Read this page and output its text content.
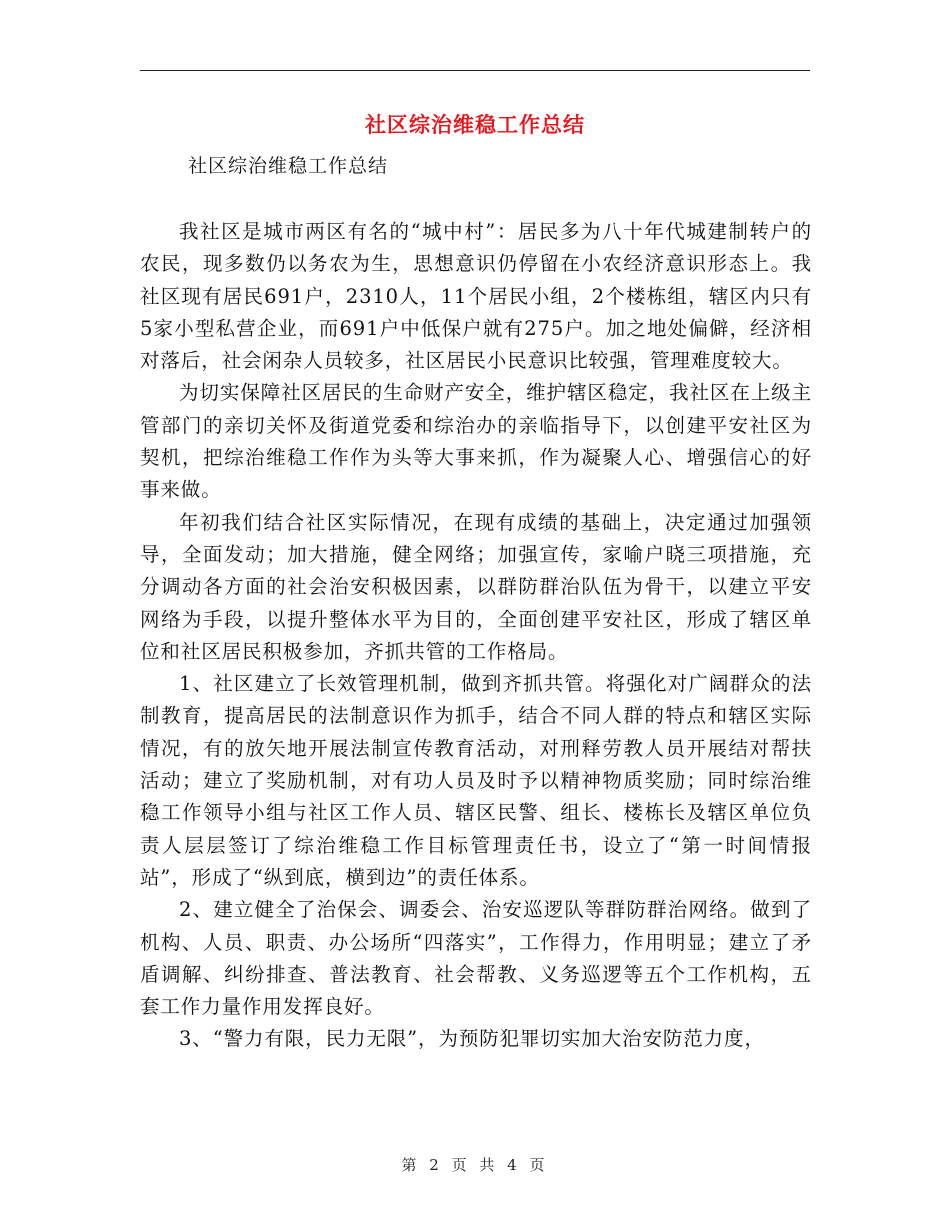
社区综治维稳工作总结
社区综治维稳工作总结

我社区是城市两区有名的“城中村”：居民多为八十年代城建制转户的农民，现多数仍以务农为生，思想意识仍停留在小农经济意识形态上。我社区现有居民691户，2310人，11个居民小组，2个楼栋组，辖区内只有5家小型私营企业，而691户中低保户就有275户。加之地处偏僻，经济相对落后，社会闲杂人员较多，社区居民小民意识比较强，管理难度较大。

为切实保障社区居民的生命财产安全，维护辖区稳定，我社区在上级主管部门的亲切关怀及街道党委和综治办的亲临指导下，以创建平安社区为契机，把综治维稳工作作为头等大事来抓，作为凝聚人心、增强信心的好事来做。

年初我们结合社区实际情况，在现有成绩的基础上，决定通过加强领导，全面发动；加大措施，健全网络；加强宣传，家喻户晓三项措施，充分调动各方面的社会治安积极因素，以群防群治队伍为骨干，以建立平安网络为手段，以提升整体水平为目的，全面创建平安社区，形成了辖区单位和社区居民积极参加，齐抓共管的工作格局。

1、社区建立了长效管理机制，做到齐抓共管。将强化对广阔群众的法制教育，提高居民的法制意识作为抓手，结合不同人群的特点和辖区实际情况，有的放矢地开展法制宣传教育活动，对刑释劳教人员开展结对帮扶活动；建立了奖励机制，对有功人员及时予以精神物质奖励；同时综治维稳工作领导小组与社区工作人员、辖区民警、组长、楼栋长及辖区单位负责人层层签订了综治维稳工作目标管理责任书，设立了“第一时间情报站”，形成了“纵到底，横到边”的责任体系。

2、建立健全了治保会、调委会、治安巡逻队等群防群治网络。做到了机构、人员、职责、办公场所“四落实”，工作得力，作用明显；建立了矛盾调解、纠纷排查、普法教育、社会帮教、义务巡逻等五个工作机构，五套工作力量作用发挥良好。

3、“警力有限，民力无限”，为预防犯罪切实加大治安防范力度，

第 2 页 共 4 页
